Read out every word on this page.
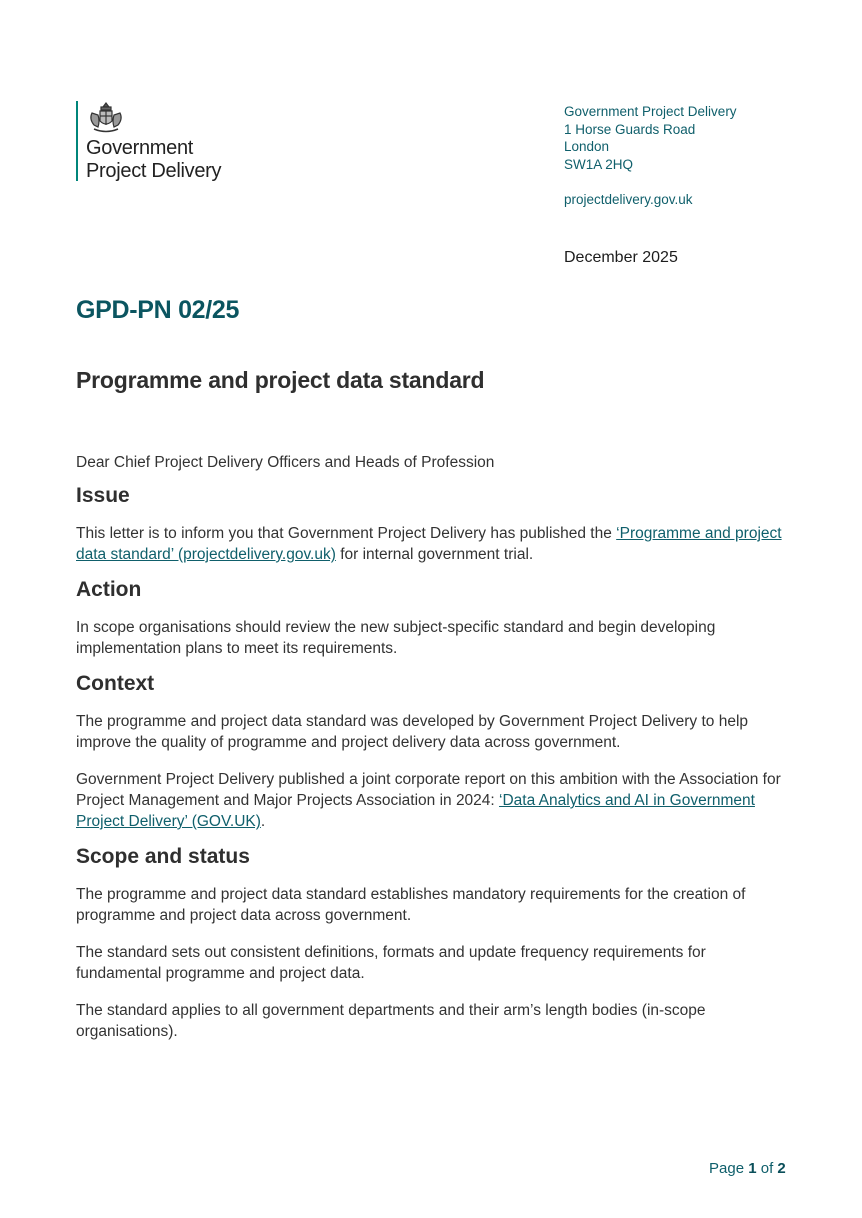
Government
Project Delivery
Government Project Delivery
1 Horse Guards Road
London
SW1A 2HQ
projectdelivery.gov.uk
December 2025
GPD-PN 02/25
Programme and project data standard

Dear Chief Project Delivery Officers and Heads of Profession

Issue

This letter is to inform you that Government Project Delivery has published the ‘Programme and project data standard’ (projectdelivery.gov.uk) for internal government trial.

Action

In scope organisations should review the new subject-specific standard and begin developing implementation plans to meet its requirements.

Context

The programme and project data standard was developed by Government Project Delivery to help improve the quality of programme and project delivery data across government.

Government Project Delivery published a joint corporate report on this ambition with the Association for Project Management and Major Projects Association in 2024: ‘Data Analytics and AI in Government Project Delivery’ (GOV.UK).

Scope and status

The programme and project data standard establishes mandatory requirements for the creation of programme and project data across government.

The standard sets out consistent definitions, formats and update frequency requirements for fundamental programme and project data.

The standard applies to all government departments and their arm’s length bodies (in-scope organisations).

Page 1 of 2
